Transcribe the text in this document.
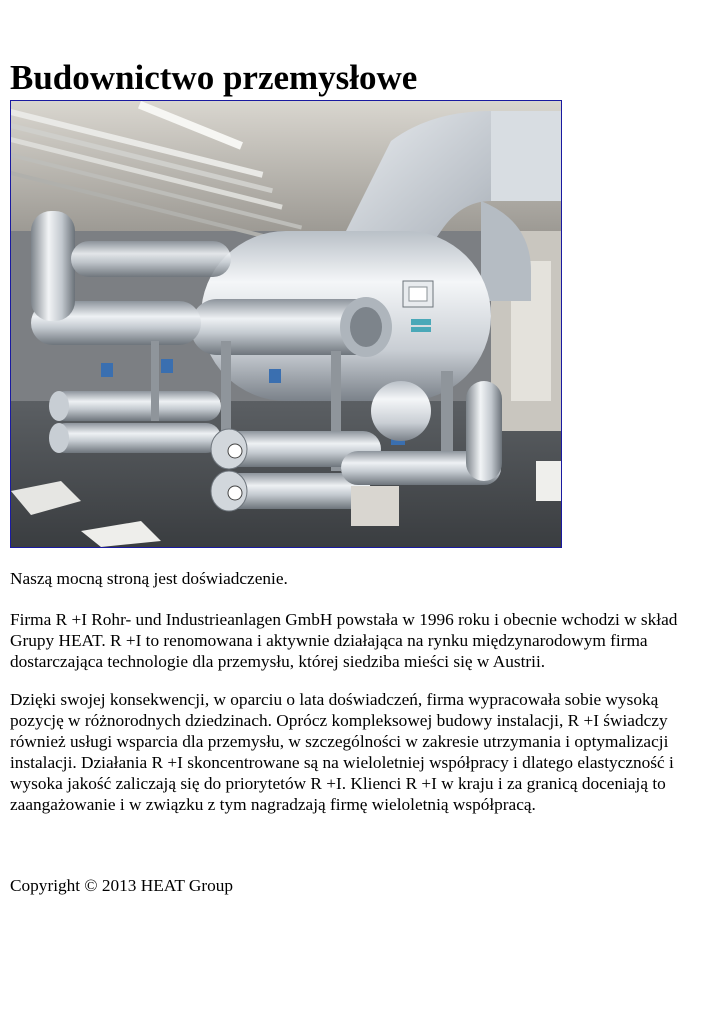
Budownictwo przemysłowe

Naszą mocną stroną jest doświadczenie.

Firma R +I Rohr- und Industrieanlagen GmbH powstała w 1996 roku i obecnie wchodzi w skład Grupy HEAT. R +I to renomowana i aktywnie działająca na rynku międzynarodowym firma dostarczająca technologie dla przemysłu, której siedziba mieści się w Austrii.

Dzięki swojej konsekwencji, w oparciu o lata doświadczeń, firma wypracowała sobie wysoką pozycję w różnorodnych dziedzinach. Oprócz kompleksowej budowy instalacji, R +I świadczy również usługi wsparcia dla przemysłu, w szczególności w zakresie utrzymania i optymalizacji instalacji. Działania R +I skoncentrowane są na wieloletniej współpracy i dlatego elastyczność i wysoka jakość zaliczają się do priorytetów R +I. Klienci R +I w kraju i za granicą doceniają to zaangażowanie i w związku z tym nagradzają firmę wieloletnią współpracą.

Copyright © 2013 HEAT Group
